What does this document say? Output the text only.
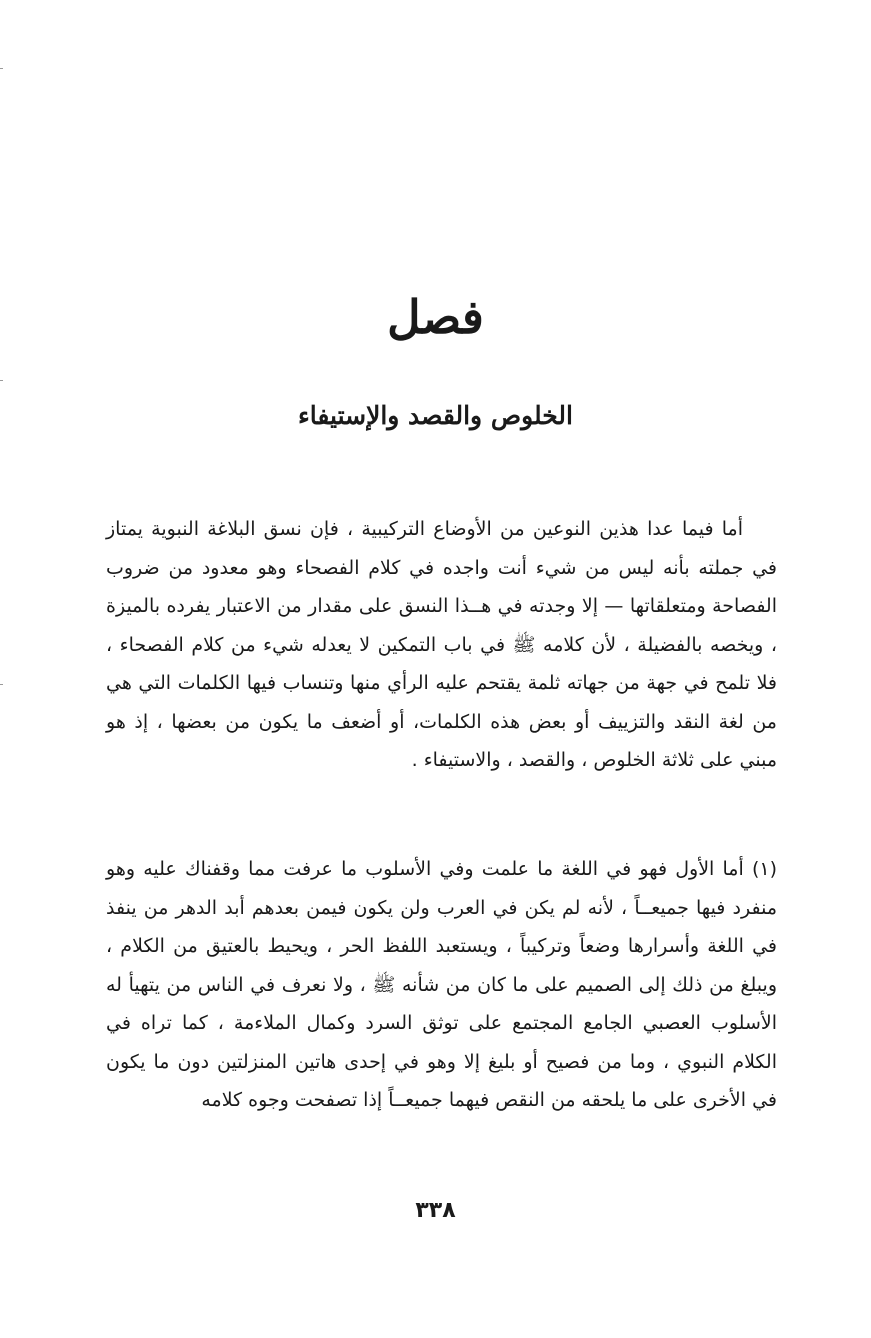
فصل
الخلوص والقصد والإستيفاء

أما فيما عدا هذين النوعين من الأوضاع التركيبية ، فإن نسق البلاغة النبوية يمتاز في جملته بأنه ليس من شيء أنت واجده في كلام الفصحاء وهو معدود من ضروب الفصاحة ومتعلقاتها — إلا وجدته في هــذا النسق على مقدار من الاعتبار يفرده بالميزة ، ويخصه بالفضيلة ، لأن كلامه ﷺ في باب التمكين لا يعدله شيء من كلام الفصحاء ، فلا تلمح في جهة من جهاته ثلمة يقتحم عليه الرأي منها وتنساب فيها الكلمات التي هي من لغة النقد والتزييف أو بعض هذه الكلمات، أو أضعف ما يكون من بعضها ، إذ هو مبني على ثلاثة الخلوص ، والقصد ، والاستيفاء .

(١) أما الأول فهو في اللغة ما علمت وفي الأسلوب ما عرفت مما وقفناك عليه وهو منفرد فيها جميعــاً ، لأنه لم يكن في العرب ولن يكون فيمن بعدهم أبد الدهر من ينفذ في اللغة وأسرارها وضعاً وتركيباً ، ويستعبد اللفظ الحر ، ويحيط بالعتيق من الكلام ، ويبلغ من ذلك إلى الصميم على ما كان من شأنه ﷺ ، ولا نعرف في الناس من يتهيأ له الأسلوب العصبي الجامع المجتمع على توثق السرد وكمال الملاءمة ، كما تراه في الكلام النبوي ، وما من فصيح أو بليغ إلا وهو في إحدى هاتين المنزلتين دون ما يكون في الأخرى على ما يلحقه من النقص فيهما جميعــاً إذا تصفحت وجوه كلامه

٣٣٨
